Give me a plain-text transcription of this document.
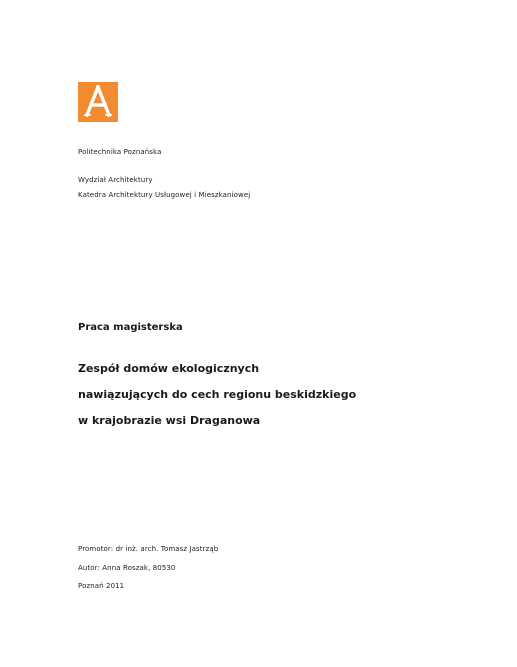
Politechnika Poznańska
Wydział Architektury
Katedra Architektury Usługowej i Mieszkaniowej
Praca magisterska
Zespół domów ekologicznych
nawiązujących do cech regionu beskidzkiego
w krajobrazie wsi Draganowa
Promotor: dr inż. arch. Tomasz Jastrząb
Autor: Anna Roszak, 80530
Poznań 2011
